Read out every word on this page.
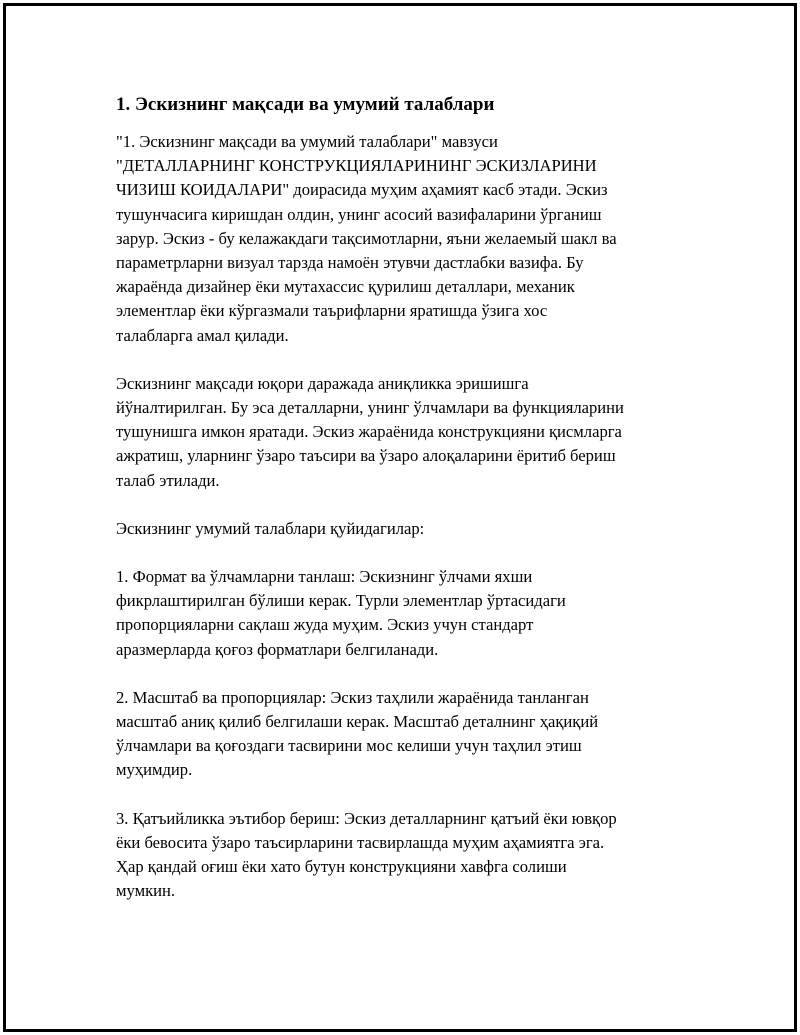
1. Эскизнинг мақсади ва умумий талаблари

"1. Эскизнинг мақсади ва умумий талаблари" мавзуси
"ДЕТАЛЛАРНИНГ КОНСТРУКЦИЯЛАРИНИНГ ЭСКИЗЛАРИНИ
ЧИЗИШ КОИДАЛАРИ" доирасида муҳим аҳамият касб этади. Эскиз
тушунчасига киришдан олдин, унинг асосий вазифаларини ўрганиш
зарур. Эскиз - бу келажакдаги тақсимотларни, яъни желаемый шакл ва
параметрларни визуал тарзда намоён этувчи дастлабки вазифа. Бу
жараёнда дизайнер ёки мутахассис қурилиш деталлари, механик
элементлар ёки кўргазмали таърифларни яратишда ўзига хос
талабларга амал қилади.

Эскизнинг мақсади юқори даражада аниқликка эришишга
йўналтирилган. Бу эса деталларни, унинг ўлчамлари ва функцияларини
тушунишга имкон яратади. Эскиз жараёнида конструкцияни қисмларга
ажратиш, уларнинг ўзаро таъсири ва ўзаро алоқаларини ёритиб бериш
талаб этилади.

Эскизнинг умумий талаблари қуйидагилар:

1. Формат ва ўлчамларни танлаш: Эскизнинг ўлчами яхши
фикрлаштирилган бўлиши керак. Турли элементлар ўртасидаги
пропорцияларни сақлаш жуда муҳим. Эскиз учун стандарт
аразмерларда қоғоз форматлари белгиланади.

2. Масштаб ва пропорциялар: Эскиз таҳлили жараёнида танланган
масштаб аниқ қилиб белгилаши керак. Масштаб деталнинг ҳақиқий
ўлчамлари ва қоғоздаги тасвирини мос келиши учун таҳлил этиш
муҳимдир.

3. Қатъийликка эътибор бериш: Эскиз деталларнинг қатъий ёки ювқор
ёки бевосита ўзаро таъсирларини тасвирлашда муҳим аҳамиятга эга.
Ҳар қандай оғиш ёки хато бутун конструкцияни хавфга солиши
мумкин.
